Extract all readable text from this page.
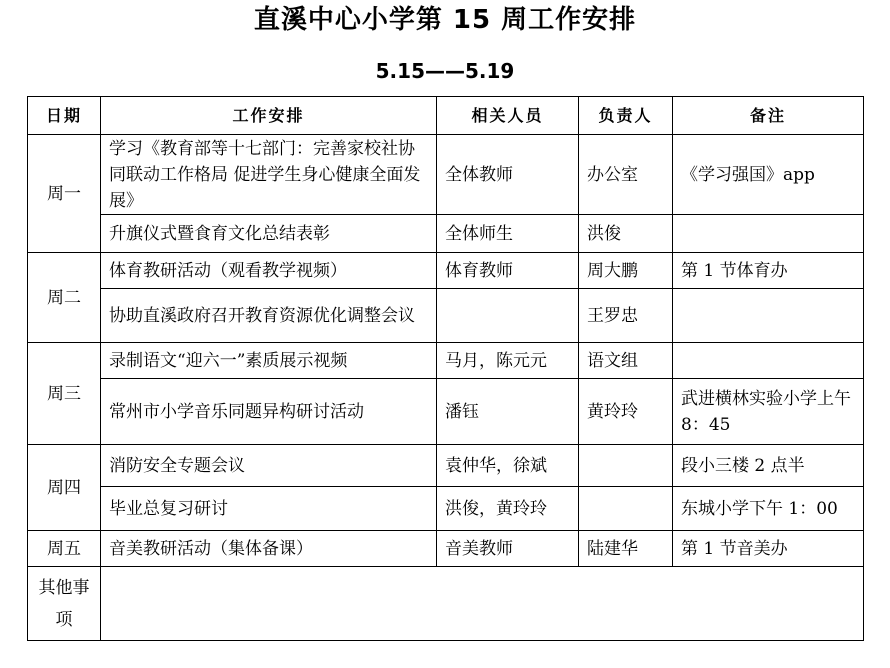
直溪中心小学第 15 周工作安排
5.15——5.19
日期	工作安排	相关人员	负责人	备注
周一	学习《教育部等十七部门：完善家校社协同联动工作格局 促进学生身心健康全面发展》	全体教师	办公室	《学习强国》app
	升旗仪式暨食育文化总结表彰	全体师生	洪俊	
周二	体育教研活动（观看教学视频）	体育教师	周大鹏	第 1 节体育办
	协助直溪政府召开教育资源优化调整会议		王罗忠	
周三	录制语文“迎六一”素质展示视频	马月，陈元元	语文组	
	常州市小学音乐同题异构研讨活动	潘钰	黄玲玲	武进横林实验小学上午 8：45
周四	消防安全专题会议	袁仲华，徐斌		段小三楼 2 点半
	毕业总复习研讨	洪俊，黄玲玲		东城小学下午 1：00
周五	音美教研活动（集体备课）	音美教师	陆建华	第 1 节音美办
其他事项				
